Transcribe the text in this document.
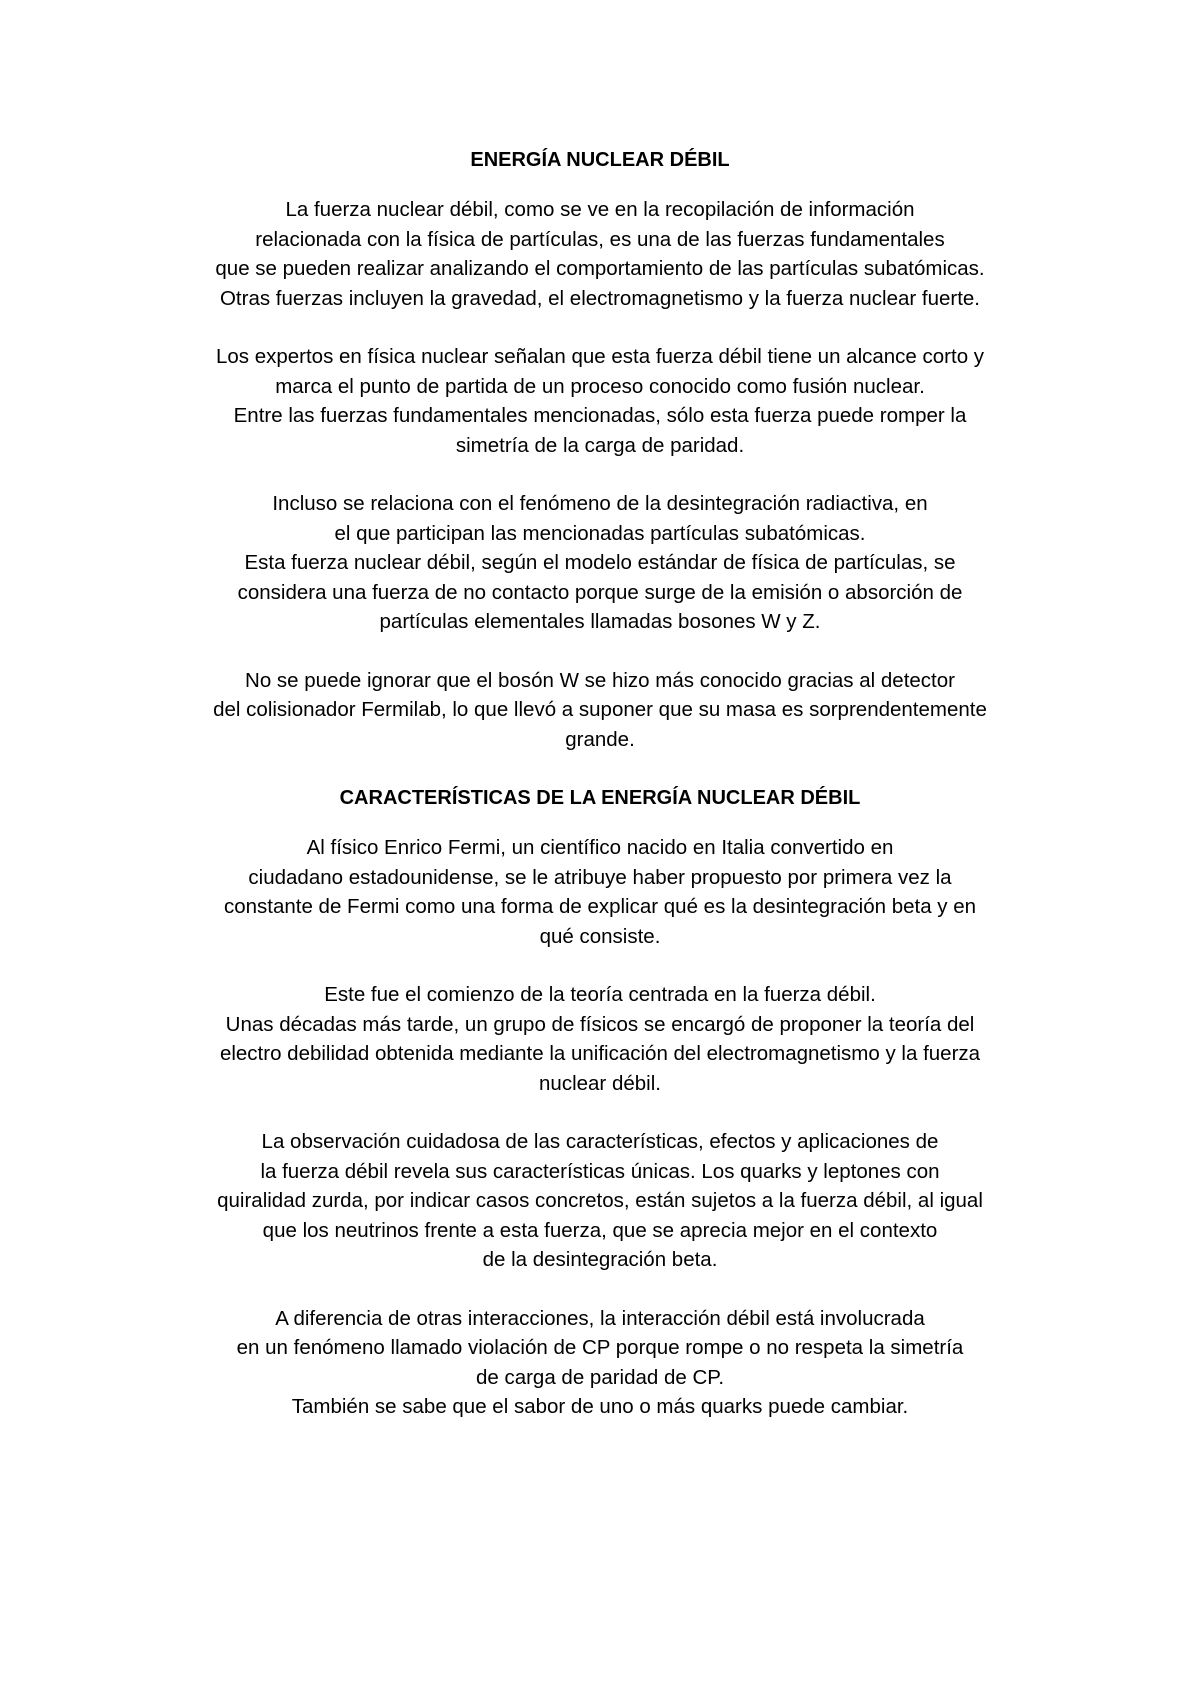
ENERGÍA NUCLEAR DÉBIL
La fuerza nuclear débil, como se ve en la recopilación de información
relacionada con la física de partículas, es una de las fuerzas fundamentales
que se pueden realizar analizando el comportamiento de las partículas subatómicas.
Otras fuerzas incluyen la gravedad, el electromagnetismo y la fuerza nuclear fuerte.
Los expertos en física nuclear señalan que esta fuerza débil tiene un alcance corto y
marca el punto de partida de un proceso conocido como fusión nuclear.
Entre las fuerzas fundamentales mencionadas, sólo esta fuerza puede romper la
simetría de la carga de paridad.
Incluso se relaciona con el fenómeno de la desintegración radiactiva, en
el que participan las mencionadas partículas subatómicas.
Esta fuerza nuclear débil, según el modelo estándar de física de partículas, se
considera una fuerza de no contacto porque surge de la emisión o absorción de
partículas elementales llamadas bosones W y Z.
No se puede ignorar que el bosón W se hizo más conocido gracias al detector
del colisionador Fermilab, lo que llevó a suponer que su masa es sorprendentemente
grande.
CARACTERÍSTICAS DE LA ENERGÍA NUCLEAR DÉBIL
Al físico Enrico Fermi, un científico nacido en Italia convertido en
ciudadano estadounidense, se le atribuye haber propuesto por primera vez la
constante de Fermi como una forma de explicar qué es la desintegración beta y en
qué consiste.
Este fue el comienzo de la teoría centrada en la fuerza débil.
Unas décadas más tarde, un grupo de físicos se encargó de proponer la teoría del
electro debilidad obtenida mediante la unificación del electromagnetismo y la fuerza
nuclear débil.
La observación cuidadosa de las características, efectos y aplicaciones de
la fuerza débil revela sus características únicas. Los quarks y leptones con
quiralidad zurda, por indicar casos concretos, están sujetos a la fuerza débil, al igual
que los neutrinos frente a esta fuerza, que se aprecia mejor en el contexto
de la desintegración beta.
A diferencia de otras interacciones, la interacción débil está involucrada
en un fenómeno llamado violación de CP porque rompe o no respeta la simetría
de carga de paridad de CP.
También se sabe que el sabor de uno o más quarks puede cambiar.
